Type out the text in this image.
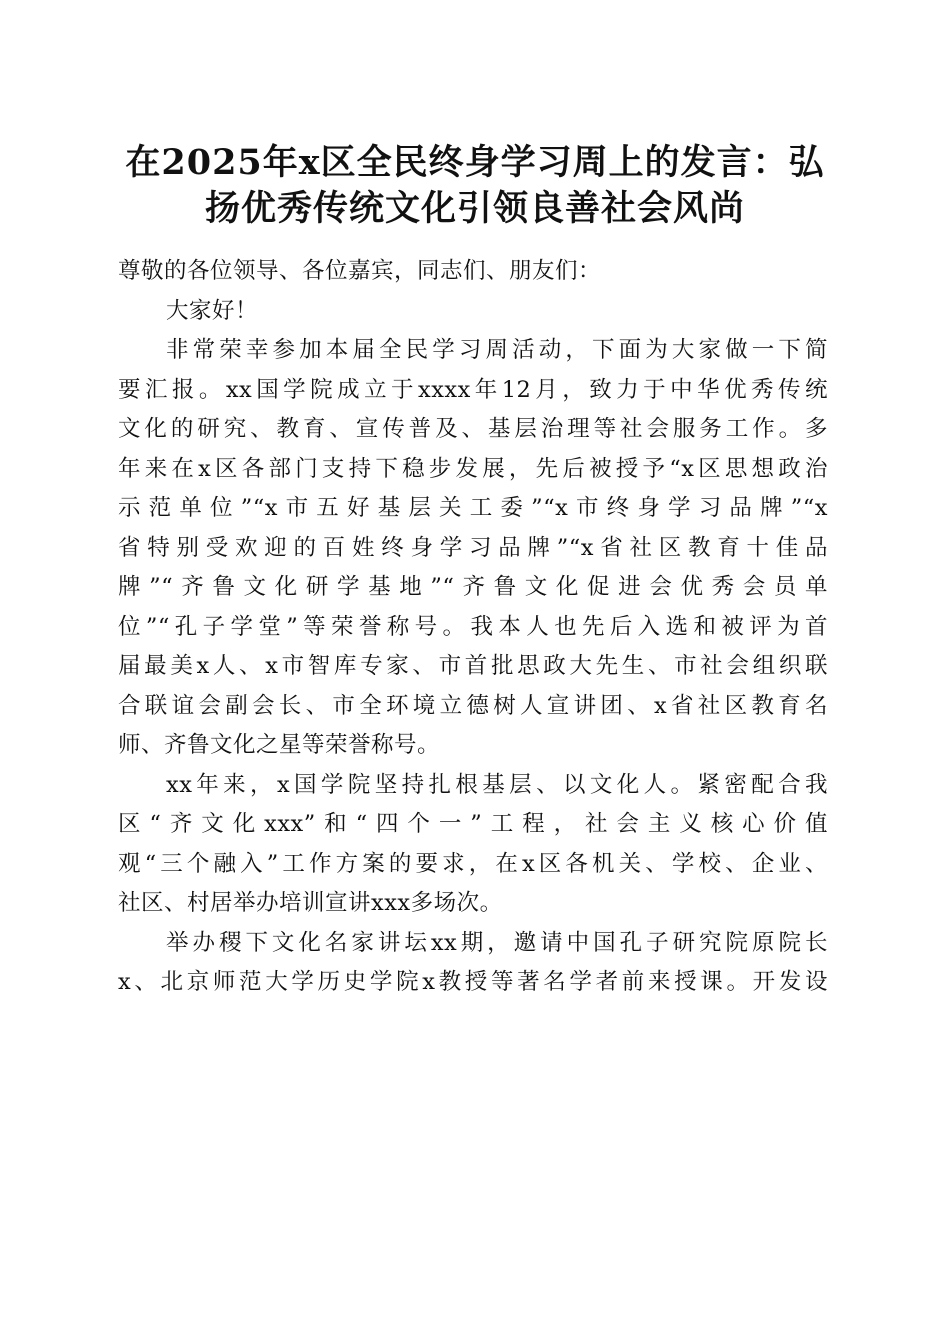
在2025年x区全民终身学习周上的发言：弘
扬优秀传统文化引领良善社会风尚

尊敬的各位领导、各位嘉宾，同志们、朋友们：

大家好！

非常荣幸参加本届全民学习周活动，下面为大家做一下简
要汇报。xx国学院成立于xxxx年12月，致力于中华优秀传统
文化的研究、教育、宣传普及、基层治理等社会服务工作。多
年来在x区各部门支持下稳步发展，先后被授予“x区思想政治
示范单位”“x市五好基层关工委”“x市终身学习品牌”“x
省特别受欢迎的百姓终身学习品牌”“x省社区教育十佳品
牌”“齐鲁文化研学基地”“齐鲁文化促进会优秀会员单
位”“孔子学堂”等荣誉称号。我本人也先后入选和被评为首
届最美x人、x市智库专家、市首批思政大先生、市社会组织联
合联谊会副会长、市全环境立德树人宣讲团、x省社区教育名
师、齐鲁文化之星等荣誉称号。

xx年来，x国学院坚持扎根基层、以文化人。紧密配合我
区“齐文化xxx”和“四个一”工程，社会主义核心价值
观“三个融入”工作方案的要求，在x区各机关、学校、企业、
社区、村居举办培训宣讲xxx多场次。

举办稷下文化名家讲坛xx期，邀请中国孔子研究院原院长
x、北京师范大学历史学院x教授等著名学者前来授课。开发设
